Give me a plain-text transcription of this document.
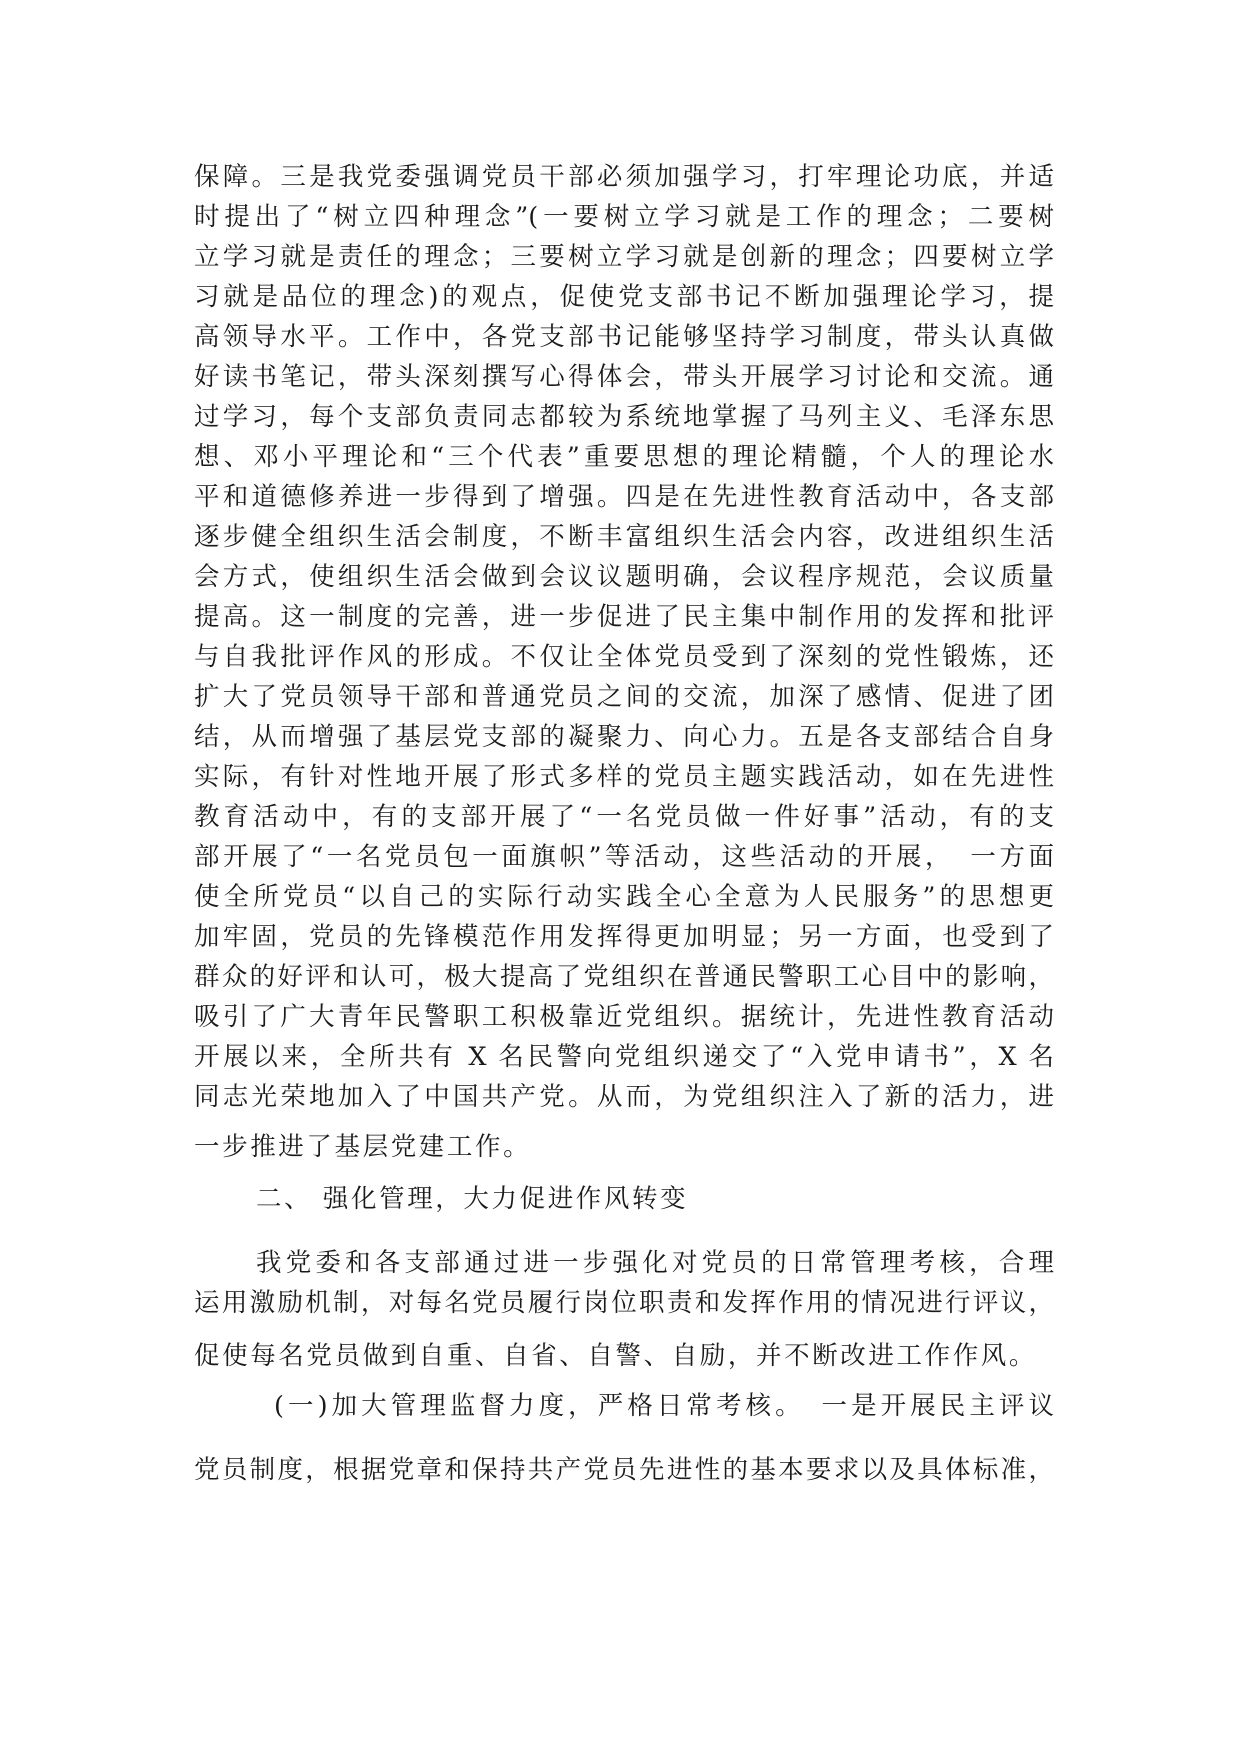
保障。三是我党委强调党员干部必须加强学习，打牢理论功底，并适
时提出了“树立四种理念”(一要树立学习就是工作的理念；二要树
立学习就是责任的理念；三要树立学习就是创新的理念；四要树立学
习就是品位的理念)的观点，促使党支部书记不断加强理论学习，提
高领导水平。工作中，各党支部书记能够坚持学习制度，带头认真做
好读书笔记，带头深刻撰写心得体会，带头开展学习讨论和交流。通
过学习，每个支部负责同志都较为系统地掌握了马列主义、毛泽东思
想、邓小平理论和“三个代表”重要思想的理论精髓，个人的理论水
平和道德修养进一步得到了增强。四是在先进性教育活动中，各支部
逐步健全组织生活会制度，不断丰富组织生活会内容，改进组织生活
会方式，使组织生活会做到会议议题明确，会议程序规范，会议质量
提高。这一制度的完善，进一步促进了民主集中制作用的发挥和批评
与自我批评作风的形成。不仅让全体党员受到了深刻的党性锻炼，还
扩大了党员领导干部和普通党员之间的交流，加深了感情、促进了团
结，从而增强了基层党支部的凝聚力、向心力。五是各支部结合自身
实际，有针对性地开展了形式多样的党员主题实践活动，如在先进性
教育活动中，有的支部开展了“一名党员做一件好事”活动，有的支
部开展了“一名党员包一面旗帜”等活动，这些活动的开展，　一方面
使全所党员“以自己的实际行动实践全心全意为人民服务”的思想更
加牢固，党员的先锋模范作用发挥得更加明显；另一方面，也受到了
群众的好评和认可，极大提高了党组织在普通民警职工心目中的影响，
吸引了广大青年民警职工积极靠近党组织。据统计，先进性教育活动
开展以来，全所共有 X 名民警向党组织递交了“入党申请书”，X 名
同志光荣地加入了中国共产党。从而，为党组织注入了新的活力，进
一步推进了基层党建工作。
二、 强化管理，大力促进作风转变
我党委和各支部通过进一步强化对党员的日常管理考核，合理
运用激励机制，对每名党员履行岗位职责和发挥作用的情况进行评议，
促使每名党员做到自重、自省、自警、自励，并不断改进工作作风。
(一)加大管理监督力度，严格日常考核。　一是开展民主评议
党员制度，根据党章和保持共产党员先进性的基本要求以及具体标准，
